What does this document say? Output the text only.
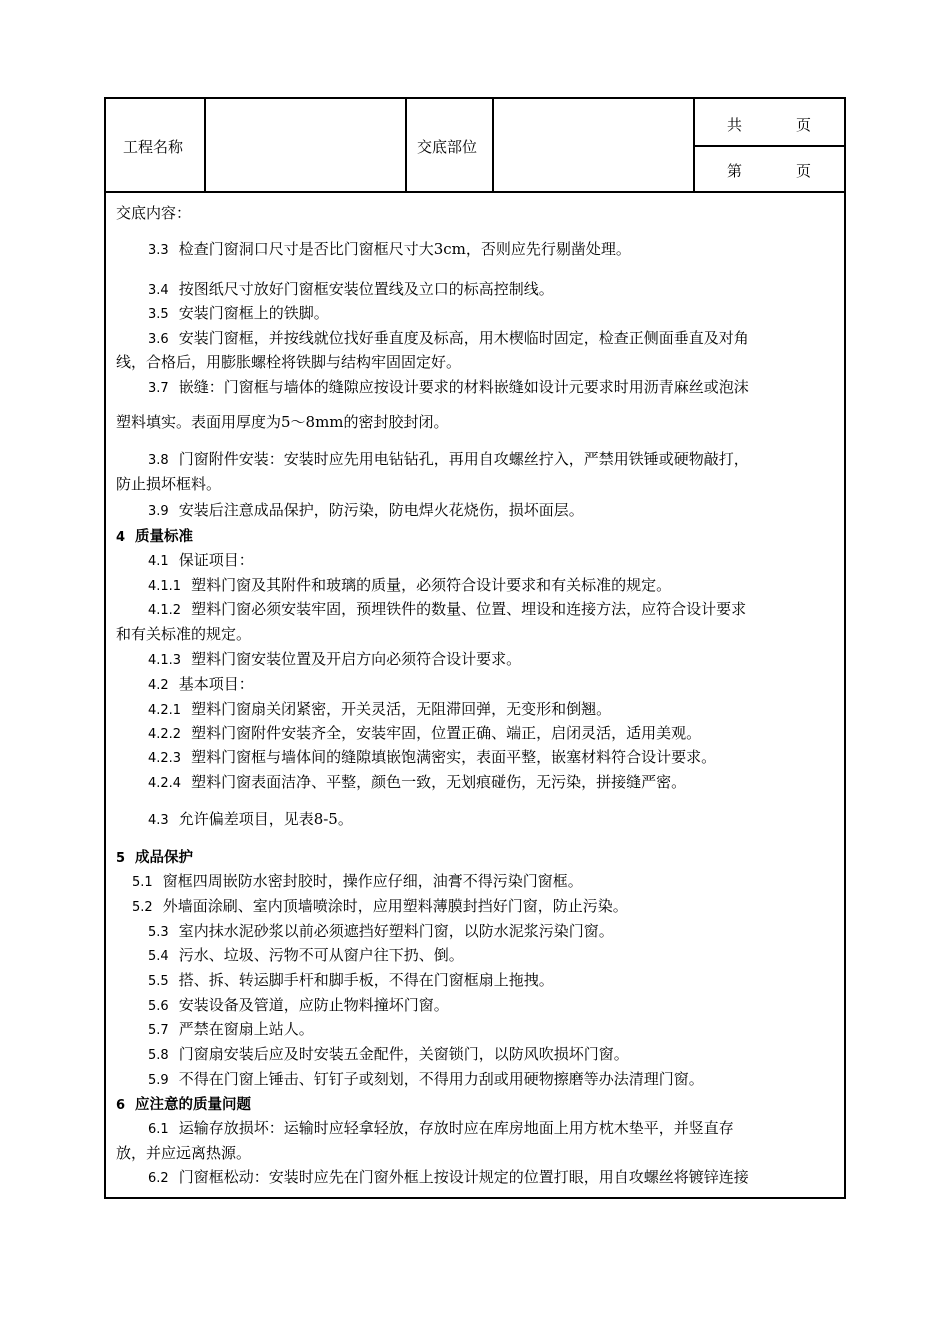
工程名称	交底部位
共	页
第	页
交底内容：
3.3 检查门窗洞口尺寸是否比门窗框尺寸大3cm，否则应先行剔凿处理。
3.4 按图纸尺寸放好门窗框安装位置线及立口的标高控制线。
3.5 安装门窗框上的铁脚。
3.6 安装门窗框，并按线就位找好垂直度及标高，用木楔临时固定，检查正侧面垂直及对角
线，合格后，用膨胀螺栓将铁脚与结构牢固固定好。
3.7 嵌缝：门窗框与墙体的缝隙应按设计要求的材料嵌缝如设计元要求时用沥青麻丝或泡沫
塑料填实。表面用厚度为5～8mm的密封胶封闭。
3.8 门窗附件安装：安装时应先用电钻钻孔，再用自攻螺丝拧入，严禁用铁锤或硬物敲打，
防止损坏框料。
3.9 安装后注意成品保护，防污染，防电焊火花烧伤，损坏面层。
4 质量标准
4.1 保证项目：
4.1.1 塑料门窗及其附件和玻璃的质量，必须符合设计要求和有关标准的规定。
4.1.2 塑料门窗必须安装牢固，预埋铁件的数量、位置、埋设和连接方法，应符合设计要求
和有关标准的规定。
4.1.3 塑料门窗安装位置及开启方向必须符合设计要求。
4.2 基本项目：
4.2.1 塑料门窗扇关闭紧密，开关灵活，无阻滞回弹，无变形和倒翘。
4.2.2 塑料门窗附件安装齐全，安装牢固，位置正确、端正，启闭灵活，适用美观。
4.2.3 塑料门窗框与墙体间的缝隙填嵌饱满密实，表面平整，嵌塞材料符合设计要求。
4.2.4 塑料门窗表面洁净、平整，颜色一致，无划痕碰伤，无污染，拼接缝严密。
4.3 允许偏差项目，见表8-5。
5 成品保护
5.1 窗框四周嵌防水密封胶时，操作应仔细，油膏不得污染门窗框。
5.2 外墙面涂刷、室内顶墙喷涂时，应用塑料薄膜封挡好门窗，防止污染。
5.3 室内抹水泥砂浆以前必须遮挡好塑料门窗，以防水泥浆污染门窗。
5.4 污水、垃圾、污物不可从窗户往下扔、倒。
5.5 搭、拆、转运脚手杆和脚手板，不得在门窗框扇上拖拽。
5.6 安装设备及管道，应防止物料撞坏门窗。
5.7 严禁在窗扇上站人。
5.8 门窗扇安装后应及时安装五金配件，关窗锁门，以防风吹损坏门窗。
5.9 不得在门窗上锤击、钉钉子或刻划，不得用力刮或用硬物擦磨等办法清理门窗。
6 应注意的质量问题
6.1 运输存放损坏：运输时应轻拿轻放，存放时应在库房地面上用方枕木垫平，并竖直存
放，并应远离热源。
6.2 门窗框松动：安装时应先在门窗外框上按设计规定的位置打眼，用自攻螺丝将镀锌连接
